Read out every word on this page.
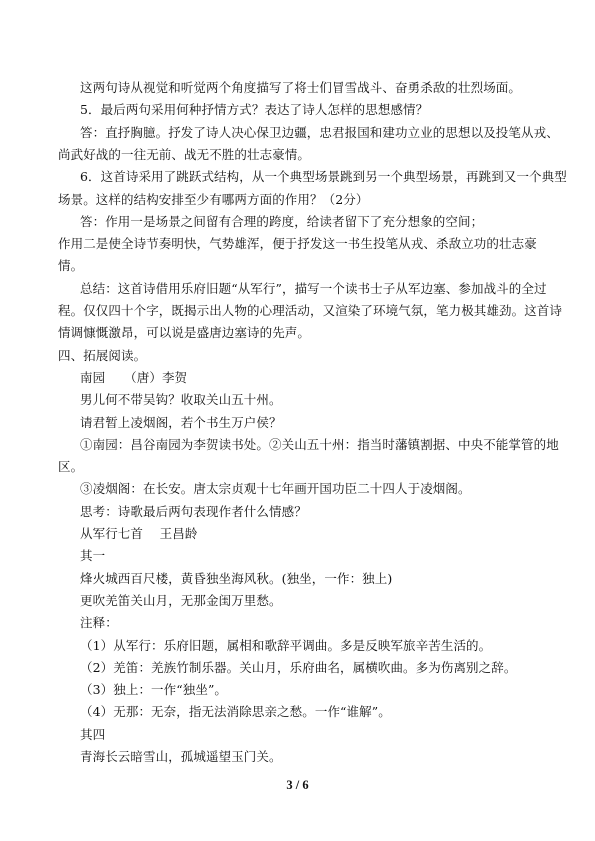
这两句诗从视觉和听觉两个角度描写了将士们冒雪战斗、奋勇杀敌的壮烈场面。
5．最后两句采用何种抒情方式？表达了诗人怎样的思想感情？
答：直抒胸臆。抒发了诗人决心保卫边疆，忠君报国和建功立业的思想以及投笔从戎、
尚武好战的一往无前、战无不胜的壮志豪情。
6．这首诗采用了跳跃式结构，从一个典型场景跳到另一个典型场景，再跳到又一个典型
场景。这样的结构安排至少有哪两方面的作用？（2分）
答：作用一是场景之间留有合理的跨度，给读者留下了充分想象的空间；
作用二是使全诗节奏明快，气势雄浑，便于抒发这一书生投笔从戎、杀敌立功的壮志豪
情。
总结：这首诗借用乐府旧题“从军行”，描写一个读书士子从军边塞、参加战斗的全过
程。仅仅四十个字，既揭示出人物的心理活动，又渲染了环境气氛，笔力极其雄劲。这首诗
情调慷慨激昂，可以说是盛唐边塞诗的先声。
四、拓展阅读。
南园　　（唐）李贺
男儿何不带吴钩？收取关山五十州。
请君暂上凌烟阁，若个书生万户侯？
①南园：昌谷南园为李贺读书处。②关山五十州：指当时藩镇割据、中央不能掌管的地
区。
③凌烟阁：在长安。唐太宗贞观十七年画开国功臣二十四人于凌烟阁。
思考：诗歌最后两句表现作者什么情感？
从军行七首　 王昌龄
其一
烽火城西百尺楼，黄昏独坐海风秋。(独坐，一作：独上)
更吹羌笛关山月，无那金闺万里愁。
注释：
（1）从军行：乐府旧题，属相和歌辞平调曲。多是反映军旅辛苦生活的。
（2）羌笛：羌族竹制乐器。关山月，乐府曲名，属横吹曲。多为伤离别之辞。
（3）独上：一作“独坐”。
（4）无那：无奈，指无法消除思亲之愁。一作“谁解”。
其四
青海长云暗雪山，孤城遥望玉门关。
3 / 6
